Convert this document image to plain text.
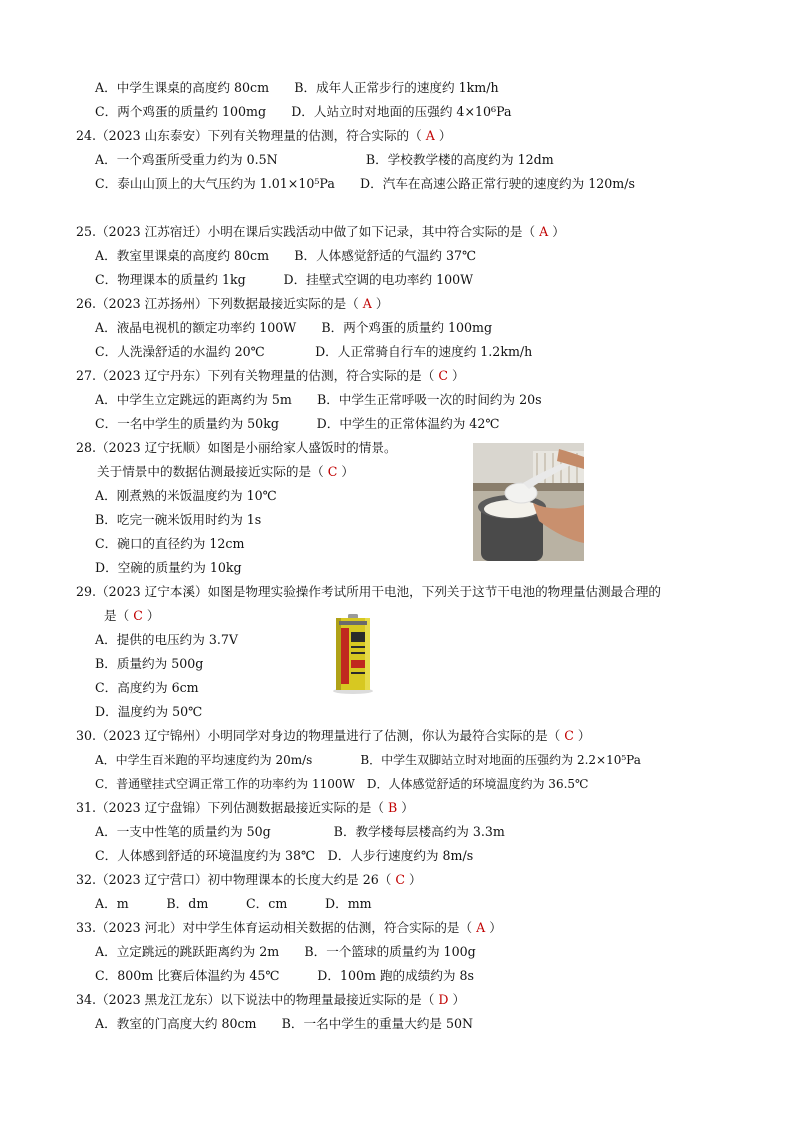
A．中学生课桌的高度约 80cm　　B．成年人正常步行的速度约 1km/h
C．两个鸡蛋的质量约 100mg　　D．人站立时对地面的压强约 4×10⁶Pa
24.（2023 山东泰安）下列有关物理量的估测，符合实际的（ A ）
A．一个鸡蛋所受重力约为 0.5N　　　　　　　B．学校教学楼的高度约为 12dm
C．泰山山顶上的大气压约为 1.01×10⁵Pa　　D．汽车在高速公路正常行驶的速度约为 120m/s
25.（2023 江苏宿迁）小明在课后实践活动中做了如下记录，其中符合实际的是（ A ）
A．教室里课桌的高度约 80cm　　B．人体感觉舒适的气温约 37℃
C．物理课本的质量约 1kg　　　D．挂壁式空调的电功率约 100W
26.（2023 江苏扬州）下列数据最接近实际的是（ A ）
A．液晶电视机的额定功率约 100W　　B．两个鸡蛋的质量约 100mg
C．人洗澡舒适的水温约 20℃　　　　D．人正常骑自行车的速度约 1.2km/h
27.（2023 辽宁丹东）下列有关物理量的估测，符合实际的是（ C ）
A．中学生立定跳远的距离约为 5m　　B．中学生正常呼吸一次的时间约为 20s
C．一名中学生的质量约为 50kg　　　D．中学生的正常体温约为 42℃
28.（2023 辽宁抚顺）如图是小丽给家人盛饭时的情景。
关于情景中的数据估测最接近实际的是（ C ）
A．刚煮熟的米饭温度约为 10℃
B．吃完一碗米饭用时约为 1s
C．碗口的直径约为 12cm
D．空碗的质量约为 10kg
29.（2023 辽宁本溪）如图是物理实验操作考试所用干电池，下列关于这节干电池的物理量估测最合理的
是（ C ）
A．提供的电压约为 3.7V
B．质量约为 500g
C．高度约为 6cm
D．温度约为 50℃
30.（2023 辽宁锦州）小明同学对身边的物理量进行了估测，你认为最符合实际的是（ C ）
A．中学生百米跑的平均速度约为 20m/s　　　　B．中学生双脚站立时对地面的压强约为 2.2×10⁵Pa
C．普通壁挂式空调正常工作的功率约为 1100W　D．人体感觉舒适的环境温度约为 36.5℃
31.（2023 辽宁盘锦）下列估测数据最接近实际的是（ B ）
A．一支中性笔的质量约为 50g　　　　　B．教学楼每层楼高约为 3.3m
C．人体感到舒适的环境温度约为 38℃　D．人步行速度约为 8m/s
32.（2023 辽宁营口）初中物理课本的长度大约是 26（ C ）
A．m　　　B．dm　　　C．cm　　　D．mm
33.（2023 河北）对中学生体育运动相关数据的估测，符合实际的是（ A ）
A．立定跳远的跳跃距离约为 2m　　B．一个篮球的质量约为 100g
C．800m 比赛后体温约为 45℃　　　D．100m 跑的成绩约为 8s
34.（2023 黑龙江龙东）以下说法中的物理量最接近实际的是（ D ）
A．教室的门高度大约 80cm　　B．一名中学生的重量大约是 50N
